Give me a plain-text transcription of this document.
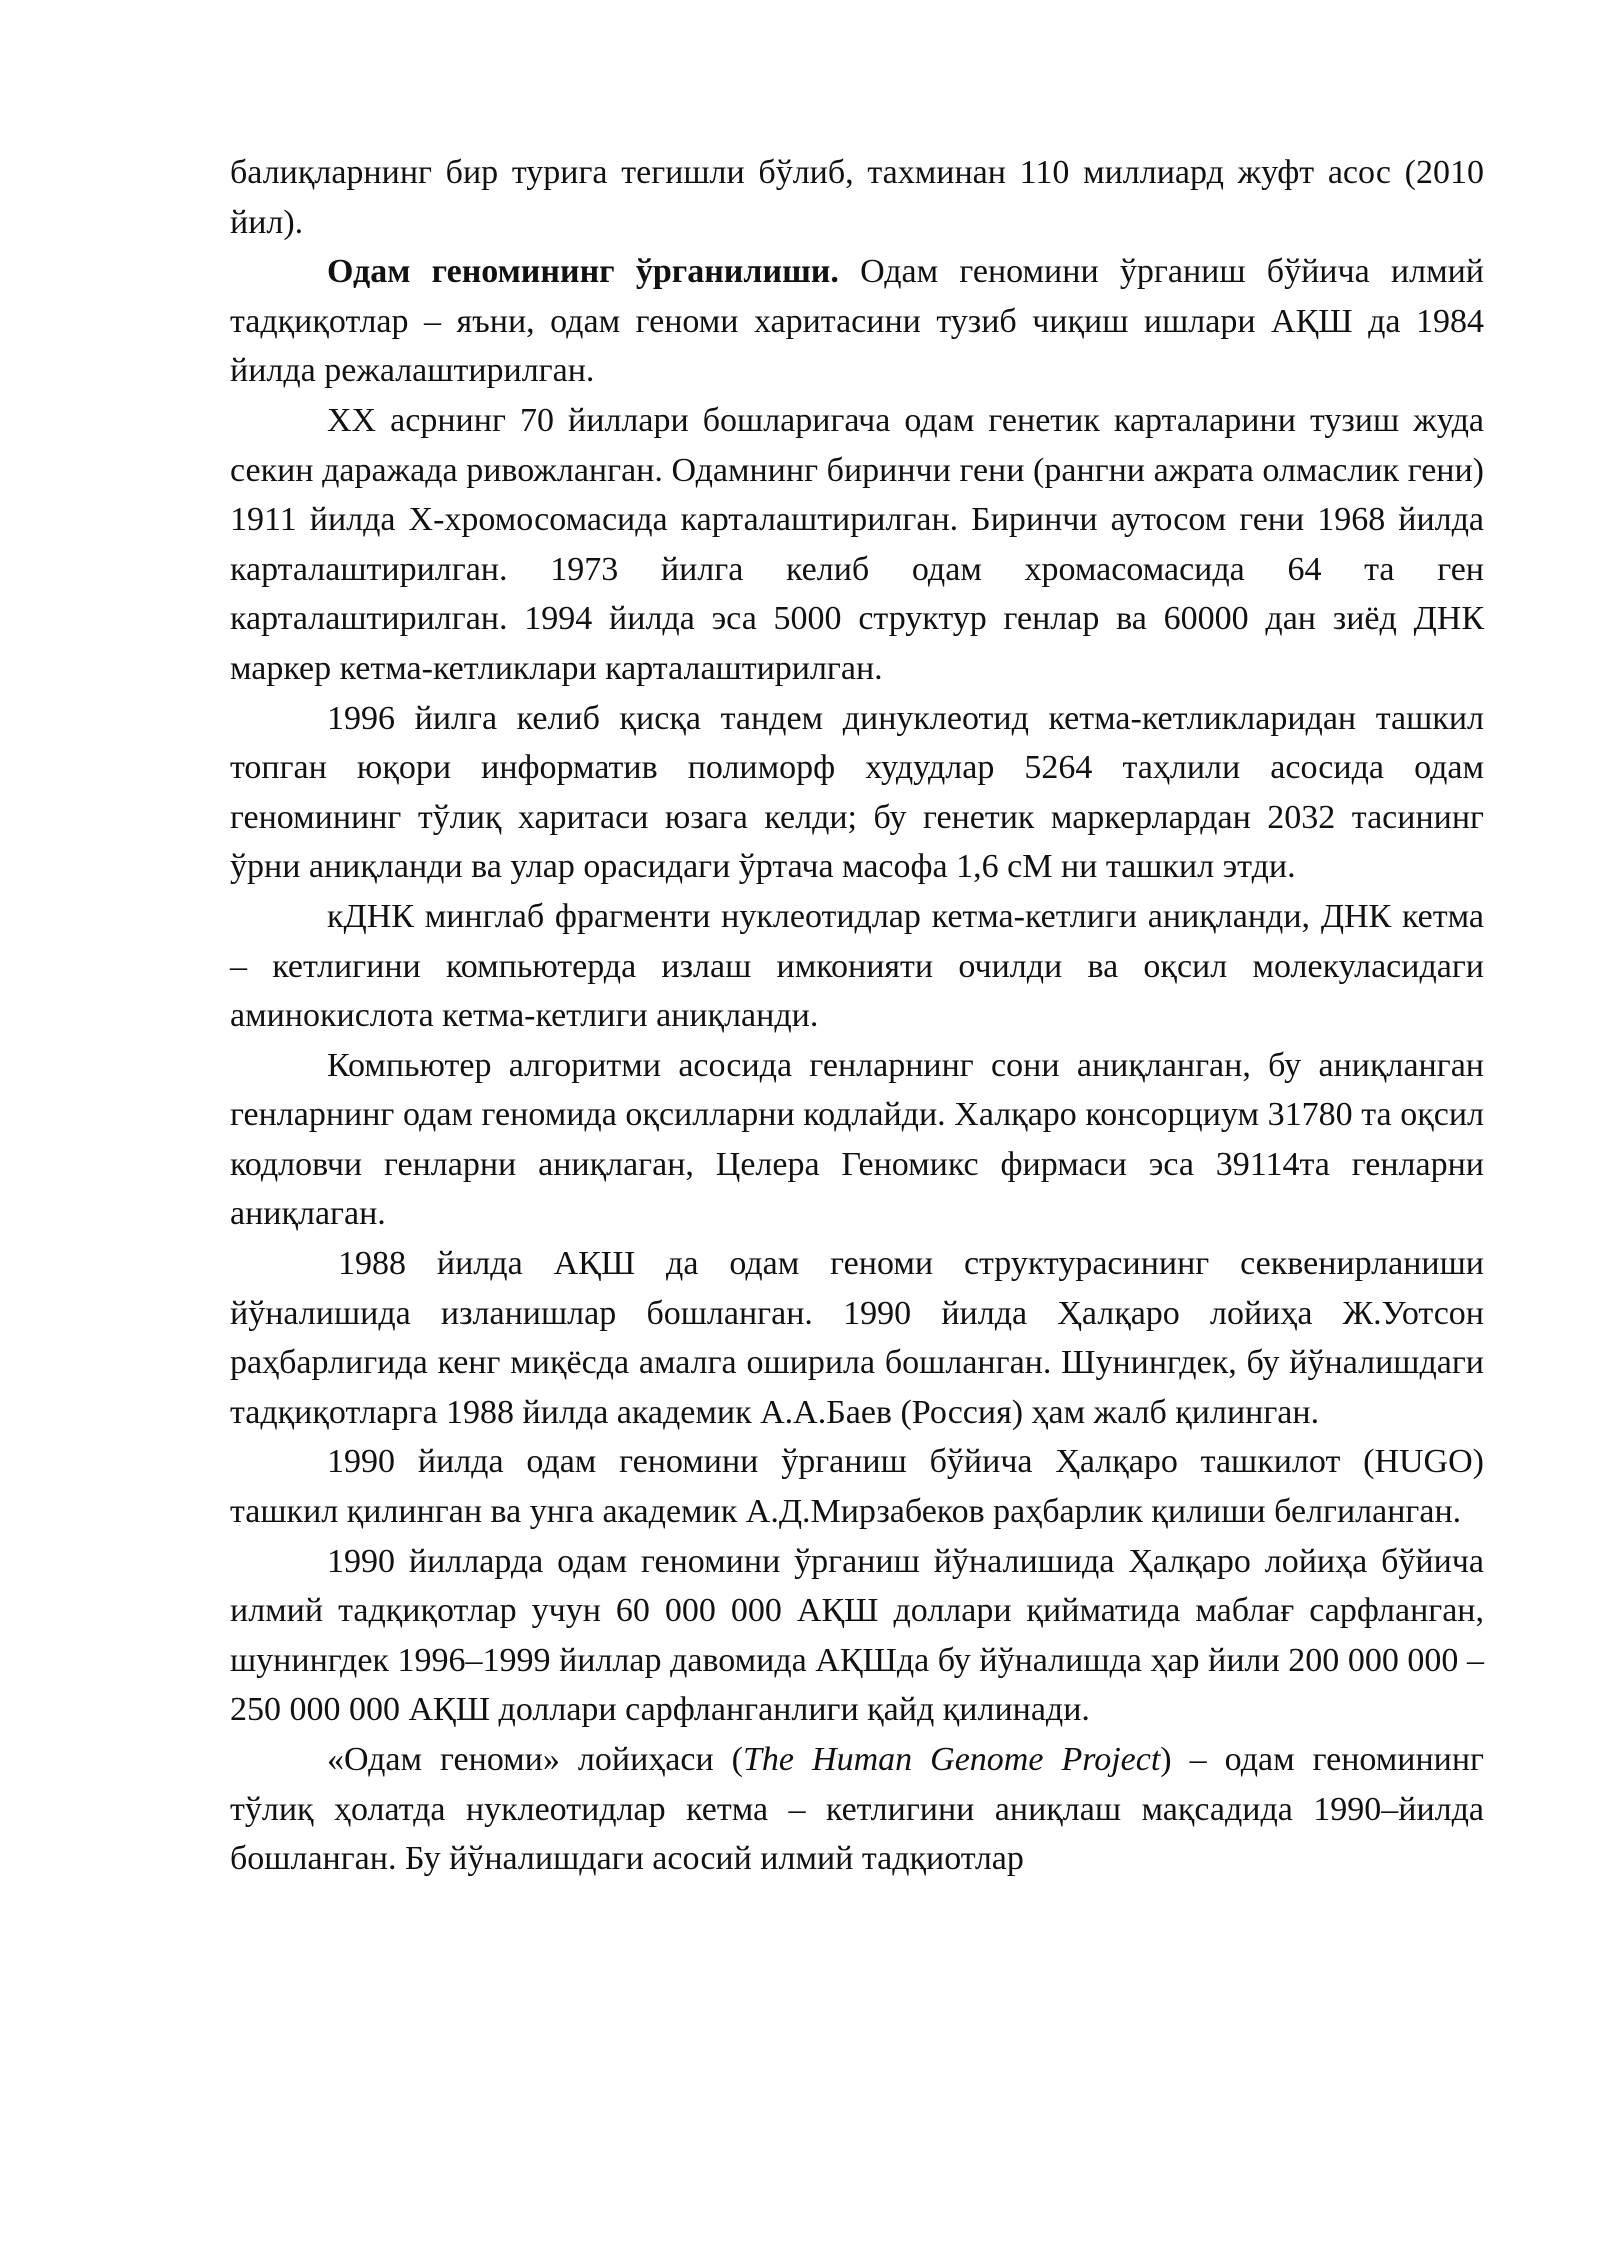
балиқларнинг бир турига тегишли бўлиб, тахминан 110 миллиард жуфт асос (2010 йил).

Одам геномининг ўрганилиши. Одам геномини ўрганиш бўйича илмий тадқиқотлар – яъни, одам геноми харитасини тузиб чиқиш ишлари АҚШ да 1984 йилда режалаштирилган.

XX асрнинг 70 йиллари бошларигача одам генетик карталарини тузиш жуда секин даражада ривожланган. Одамнинг биринчи гени (рангни ажрата олмаслик гени) 1911 йилда X-хромосомасида карталаштирилган. Биринчи аутосом гени 1968 йилда карталаштирилган. 1973 йилга келиб одам хромасомасида 64 та ген карталаштирилган. 1994 йилда эса 5000 структур генлар ва 60000 дан зиёд ДНК маркер кетма-кетликлари карталаштирилган.

1996 йилга келиб қисқа тандем динуклеотид кетма-кетликларидан ташкил топган юқори информатив полиморф худудлар 5264 таҳлили асосида одам геномининг тўлиқ харитаси юзага келди; бу генетик маркерлардан 2032 тасининг ўрни аниқланди ва улар орасидаги ўртача масофа 1,6 сМ ни ташкил этди.

кДНК минглаб фрагменти нуклеотидлар кетма-кетлиги аниқланди, ДНК кетма – кетлигини компьютерда излаш имконияти очилди ва оқсил молекуласидаги аминокислота кетма-кетлиги аниқланди.

Компьютер алгоритми асосида генларнинг сони аниқланган, бу аниқланган генларнинг одам геномида оқсилларни кодлайди. Халқаро консорциум 31780 та оқсил кодловчи генларни аниқлаган, Целера Геномикс фирмаси эса 39114та генларни аниқлаган.

1988 йилда АҚШ да одам геноми структурасининг секвенирланиши йўналишида изланишлар бошланган. 1990 йилда Ҳалқаро лойиҳа Ж.Уотсон раҳбарлигида кенг миқёсда амалга оширила бошланган. Шунингдек, бу йўналишдаги тадқиқотларга 1988 йилда академик А.А.Баев (Россия) ҳам жалб қилинган.

1990 йилда одам геномини ўрганиш бўйича Ҳалқаро ташкилот (HUGO) ташкил қилинган ва унга академик А.Д.Мирзабеков раҳбарлик қилиши белгиланган.

1990 йилларда одам геномини ўрганиш йўналишида Ҳалқаро лойиҳа бўйича илмий тадқиқотлар учун 60 000 000 АҚШ доллари қийматида маблағ сарфланган, шунингдек 1996–1999 йиллар давомида АҚШда бу йўналишда ҳар йили 200 000 000 – 250 000 000 АҚШ доллари сарфланганлиги қайд қилинади.

«Одам геноми» лойиҳаси (The Human Genome Project) – одам геномининг тўлиқ ҳолатда нуклеотидлар кетма – кетлигини аниқлаш мақсадида 1990–йилда бошланган. Бу йўналишдаги асосий илмий тадқиотлар
